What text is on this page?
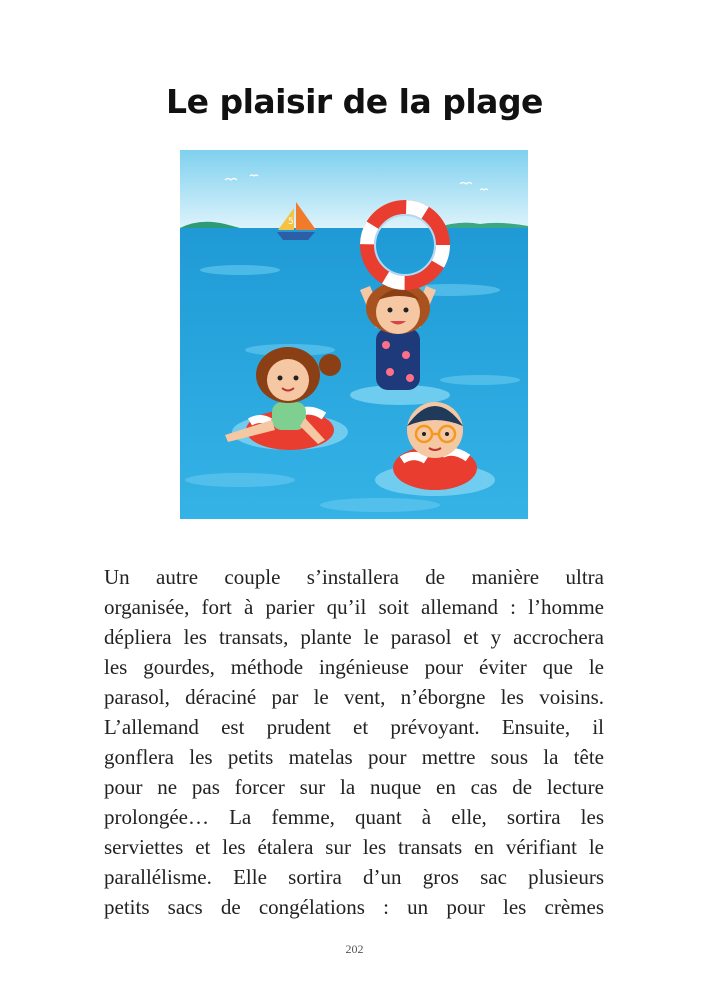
Le plaisir de la plage
5
Un autre couple s’installera de manière ultra
organisée, fort à parier qu’il soit allemand : l’homme
dépliera les transats, plante le parasol et y accrochera
les gourdes, méthode ingénieuse pour éviter que le
parasol, déraciné par le vent, n’éborgne les voisins.
L’allemand est prudent et prévoyant. Ensuite, il
gonflera les petits matelas pour mettre sous la tête
pour ne pas forcer sur la nuque en cas de lecture
prolongée… La femme, quant à elle, sortira les
serviettes et les étalera sur les transats en vérifiant le
parallélisme. Elle sortira d’un gros sac plusieurs
petits sacs de congélations : un pour les crèmes
202
